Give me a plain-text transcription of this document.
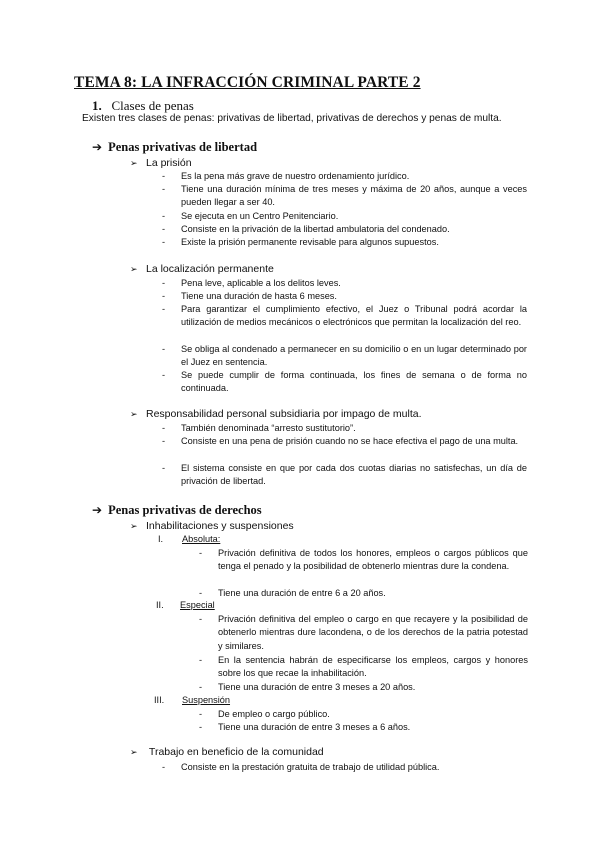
TEMA 8: LA INFRACCIÓN CRIMINAL PARTE 2
1. Clases de penas
Existen tres clases de penas: privativas de libertad, privativas de derechos y penas de multa.
➔ Penas privativas de libertad
➢ La prisión
- Es la pena más grave de nuestro ordenamiento jurídico.
- Tiene una duración mínima de tres meses y máxima de 20 años, aunque a veces pueden llegar a ser 40.
- Se ejecuta en un Centro Penitenciario.
- Consiste en la privación de la libertad ambulatoria del condenado.
- Existe la prisión permanente revisable para algunos supuestos.
➢ La localización permanente
- Pena leve, aplicable a los delitos leves.
- Tiene una duración de hasta 6 meses.
- Para garantizar el cumplimiento efectivo, el Juez o Tribunal podrá acordar la utilización de medios mecánicos o electrónicos que permitan la localización del reo.
- Se obliga al condenado a permanecer en su domicilio o en un lugar determinado por el Juez en sentencia.
- Se puede cumplir de forma continuada, los fines de semana o de forma no continuada.
➢ Responsabilidad personal subsidiaria por impago de multa.
- También denominada “arresto sustitutorio”.
- Consiste en una pena de prisión cuando no se hace efectiva el pago de una multa.
- El sistema consiste en que por cada dos cuotas diarias no satisfechas, un día de privación de libertad.
➔ Penas privativas de derechos
➢ Inhabilitaciones y suspensiones
I. Absoluta:
- Privación definitiva de todos los honores, empleos o cargos públicos que tenga el penado y la posibilidad de obtenerlo mientras dure la condena.
- Tiene una duración de entre 6 a 20 años.
II. Especial
- Privación definitiva del empleo o cargo en que recayere y la posibilidad de obtenerlo mientras dure lacondena, o de los derechos de la patria potestad y similares.
- En la sentencia habrán de especificarse los empleos, cargos y honores sobre los que recae la inhabilitación.
- Tiene una duración de entre 3 meses a 20 años.
III. Suspensión
- De empleo o cargo público.
- Tiene una duración de entre 3 meses a 6 años.
➢ Trabajo en beneficio de la comunidad
- Consiste en la prestación gratuita de trabajo de utilidad pública.
